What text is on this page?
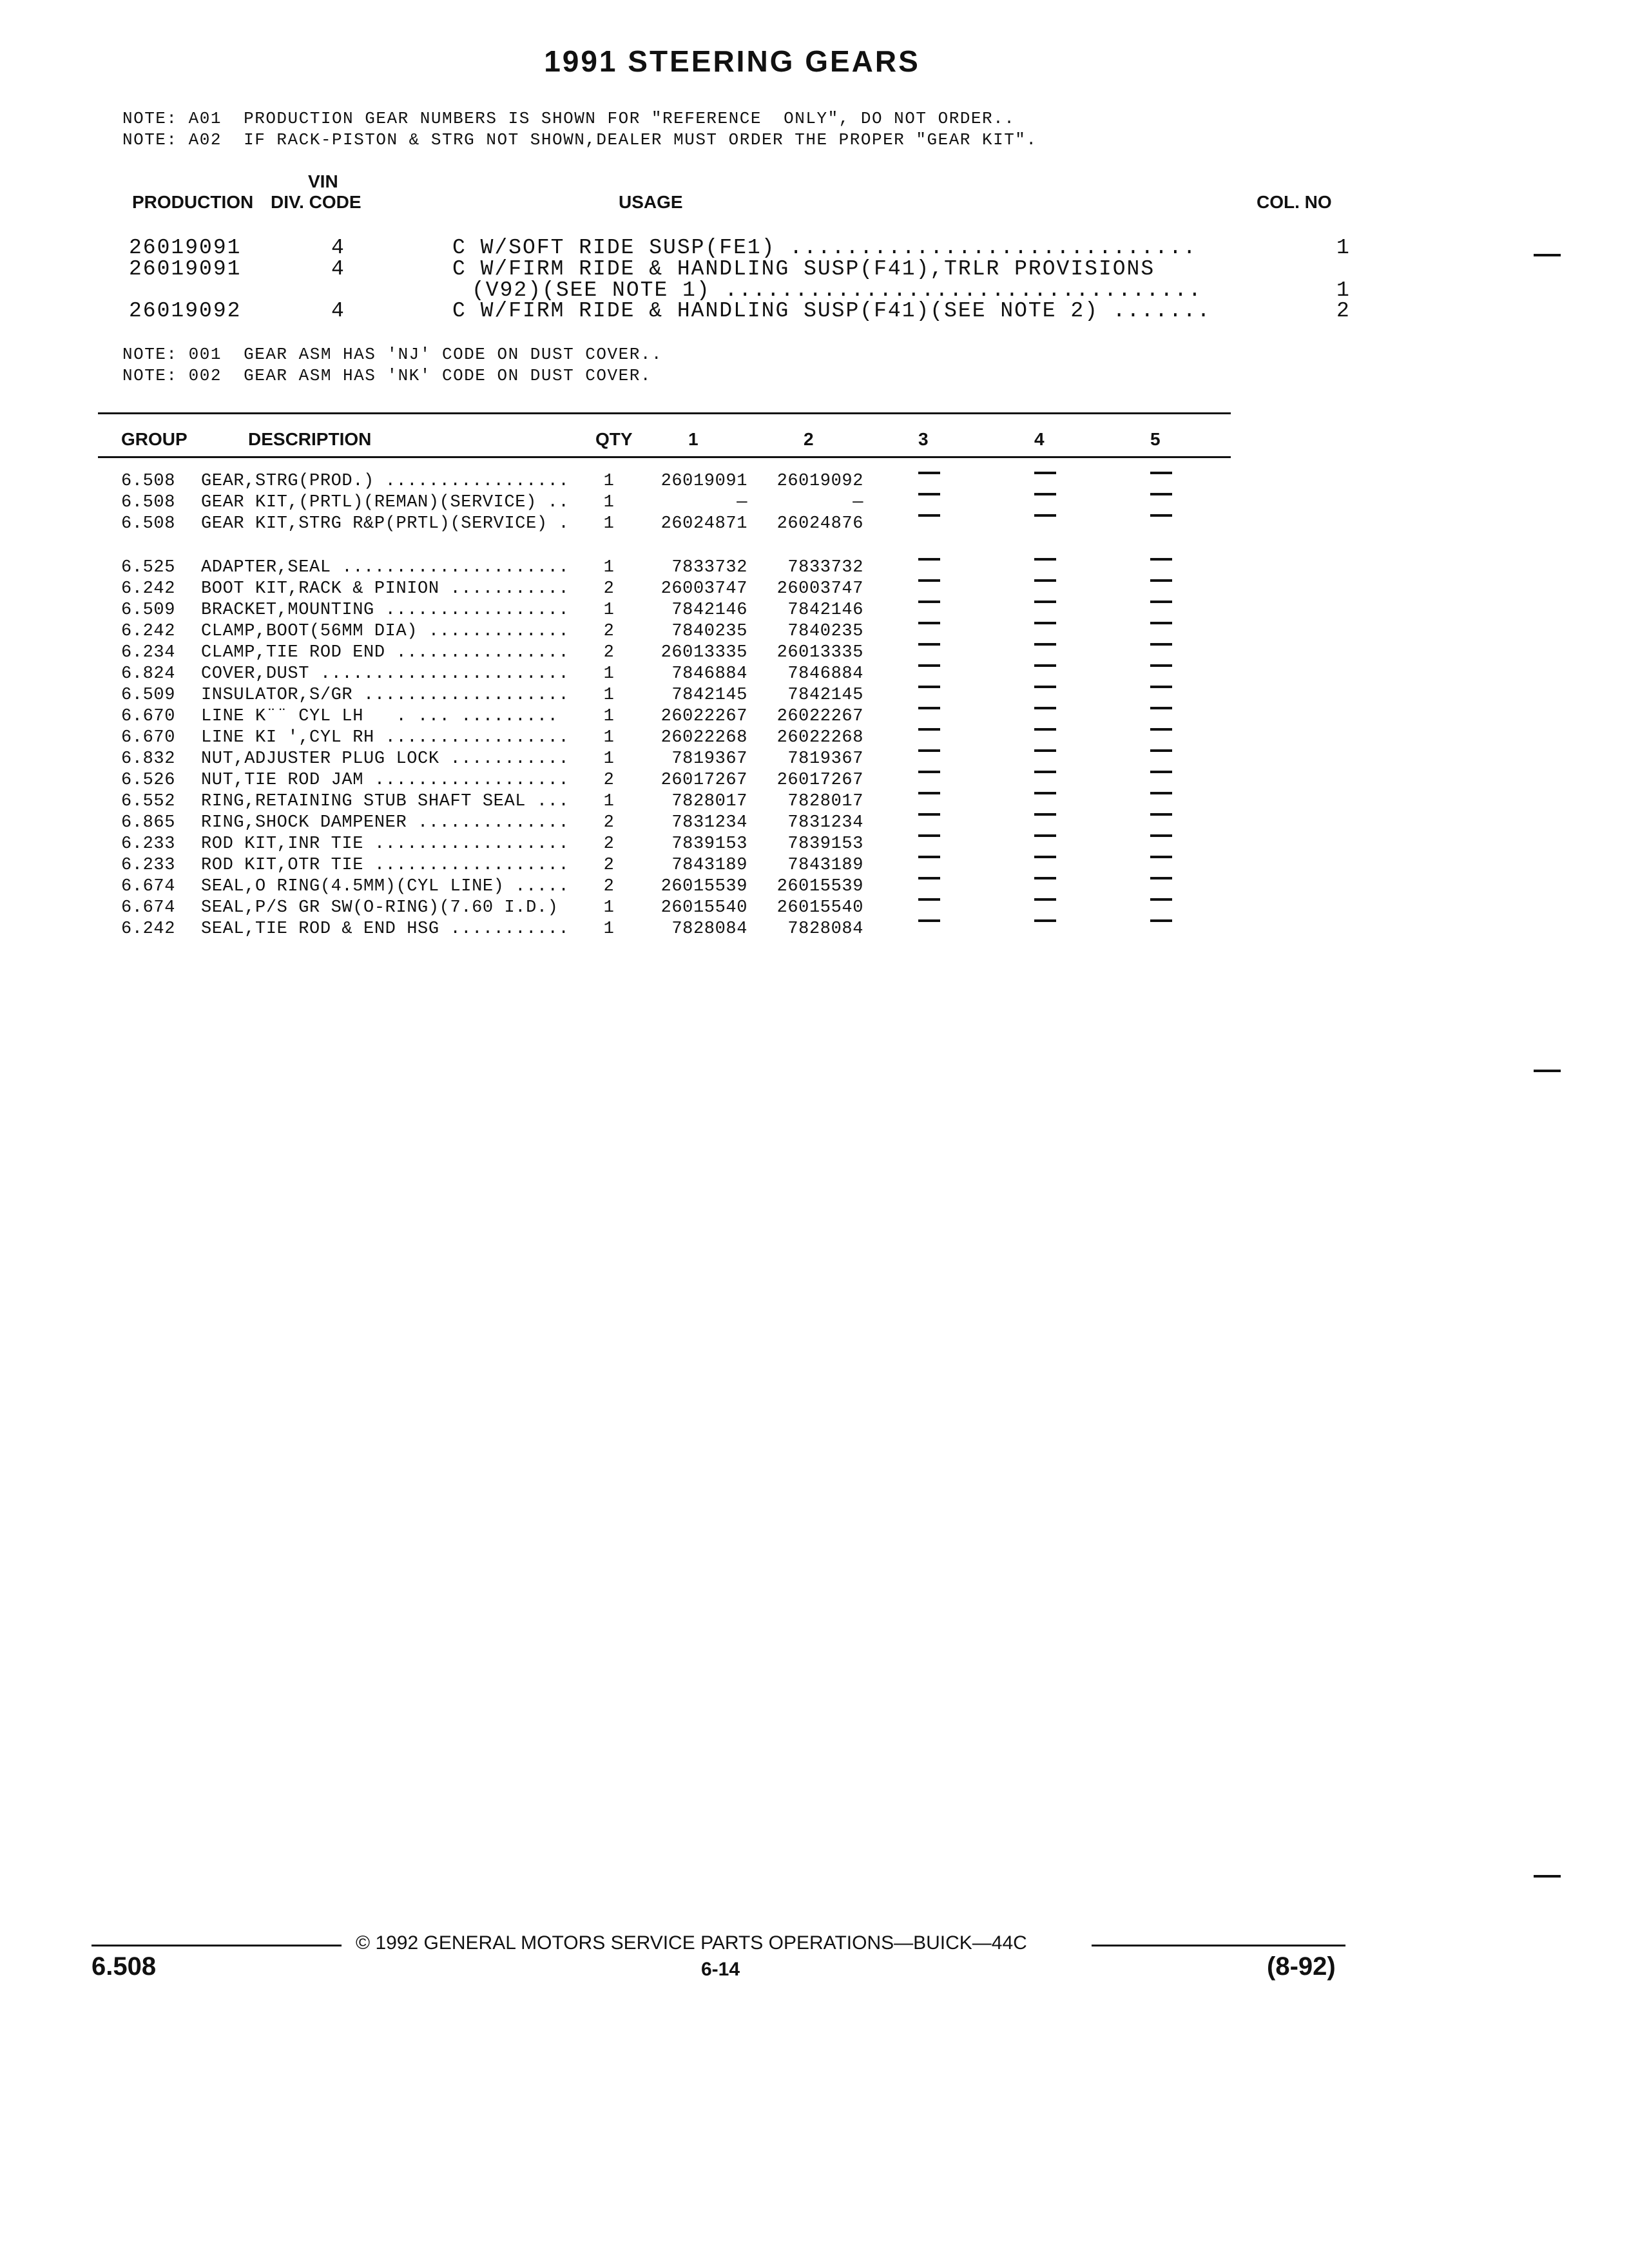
1991 STEERING GEARS
NOTE: A01  PRODUCTION GEAR NUMBERS IS SHOWN FOR "REFERENCE  ONLY", DO NOT ORDER..
NOTE: A02  IF RACK-PISTON & STRG NOT SHOWN,DEALER MUST ORDER THE PROPER "GEAR KIT".
VIN
PRODUCTION DIV. CODE	USAGE	COL. NO
26019091	4	C W/SOFT RIDE SUSP(FE1) .............................	1
26019091	4	C W/FIRM RIDE & HANDLING SUSP(F41),TRLR PROVISIONS
(V92)(SEE NOTE 1) ..................................	1
26019092	4	C W/FIRM RIDE & HANDLING SUSP(F41)(SEE NOTE 2) .......	2
NOTE: 001  GEAR ASM HAS 'NJ' CODE ON DUST COVER..
NOTE: 002  GEAR ASM HAS 'NK' CODE ON DUST COVER.
GROUP	DESCRIPTION	QTY	1	2	3	4	5
6.508 GEAR,STRG(PROD.) .................	1	26019091	26019092
6.508 GEAR KIT,(PRTL)(REMAN)(SERVICE) ..	1	—	—
6.508 GEAR KIT,STRG R&P(PRTL)(SERVICE) .	1	26024871	26024876
6.525 ADAPTER,SEAL .....................	1	7833732	7833732
6.242 BOOT KIT,RACK & PINION ...........	2	26003747	26003747
6.509 BRACKET,MOUNTING .................	1	7842146	7842146
6.242 CLAMP,BOOT(56MM DIA) .............	2	7840235	7840235
6.234 CLAMP,TIE ROD END ................	2	26013335	26013335
6.824 COVER,DUST .......................	1	7846884	7846884
6.509 INSULATOR,S/GR ...................	1	7842145	7842145
6.670 LINE K¨¨ CYL LH   . ... .........	1	26022267	26022267
6.670 LINE KI ',CYL RH .................	1	26022268	26022268
6.832 NUT,ADJUSTER PLUG LOCK ...........	1	7819367	7819367
6.526 NUT,TIE ROD JAM ..................	2	26017267	26017267
6.552 RING,RETAINING STUB SHAFT SEAL ...	1	7828017	7828017
6.865 RING,SHOCK DAMPENER ..............	2	7831234	7831234
6.233 ROD KIT,INR TIE ..................	2	7839153	7839153
6.233 ROD KIT,OTR TIE ..................	2	7843189	7843189
6.674 SEAL,O RING(4.5MM)(CYL LINE) .....	2	26015539	26015539
6.674 SEAL,P/S GR SW(O-RING)(7.60 I.D.)	1	26015540	26015540
6.242 SEAL,TIE ROD & END HSG ...........	1	7828084	7828084
© 1992 GENERAL MOTORS SERVICE PARTS OPERATIONS—BUICK—44C
6.508	6-14	(8-92)
